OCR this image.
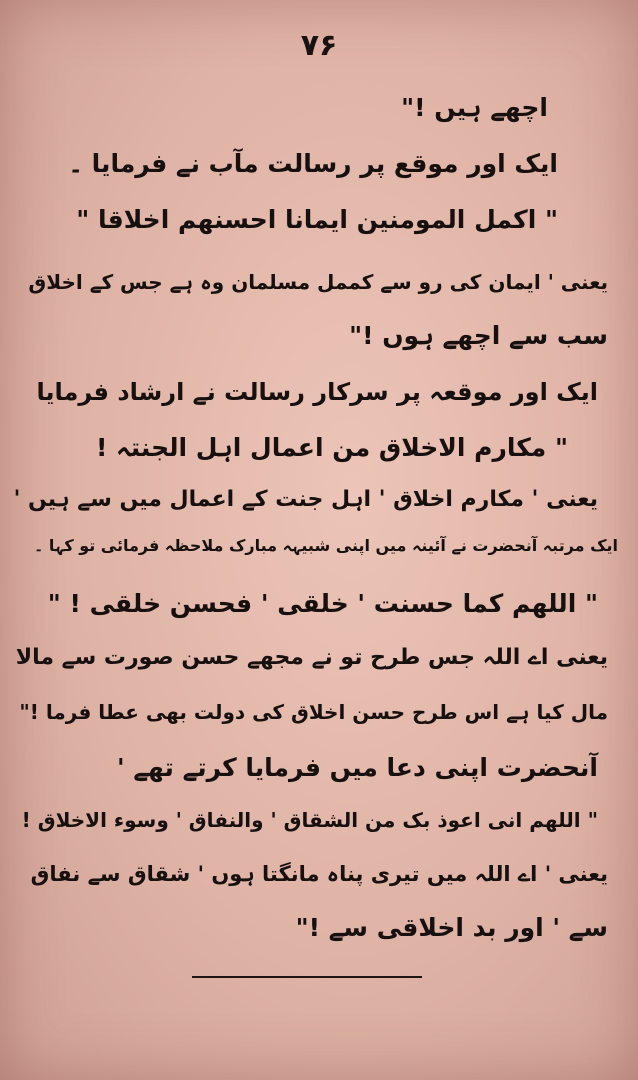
۷۶
اچھے ہیں !"
ایک اور موقع پر رسالت مآب نے فرمایا ۔
" اکمل المومنین ایمانا احسنھم اخلاقا "
یعنی ' ایمان کی رو سے کممل مسلمان وہ ہے جس کے اخلاق
سب سے اچھے ہوں !"
ایک اور موقعہ پر سرکار رسالت نے ارشاد فرمایا
" مکارم الاخلاق من اعمال اہل الجنتہ !
یعنی ' مکارم اخلاق ' اہل جنت کے اعمال میں سے ہیں '
ایک مرتبہ آنحضرت نے آئینہ میں اپنی شبیہہ مبارک ملاحظہ فرمائی تو کہا ۔
" اللھم کما حسنت ' خلقی ' فحسن خلقی ! "
یعنی اے اللہ جس طرح تو نے مجھے حسن صورت سے مالا
مال کیا ہے اس طرح حسن اخلاق کی دولت بھی عطا فرما !"
آنحضرت اپنی دعا میں فرمایا کرتے تھے '
" اللھم انی اعوذ بک من الشقاق ' والنفاق ' وسوء الاخلاق !
یعنی ' اے اللہ میں تیری پناہ مانگتا ہوں ' شقاق سے نفاق
سے ' اور بد اخلاقی سے !"
